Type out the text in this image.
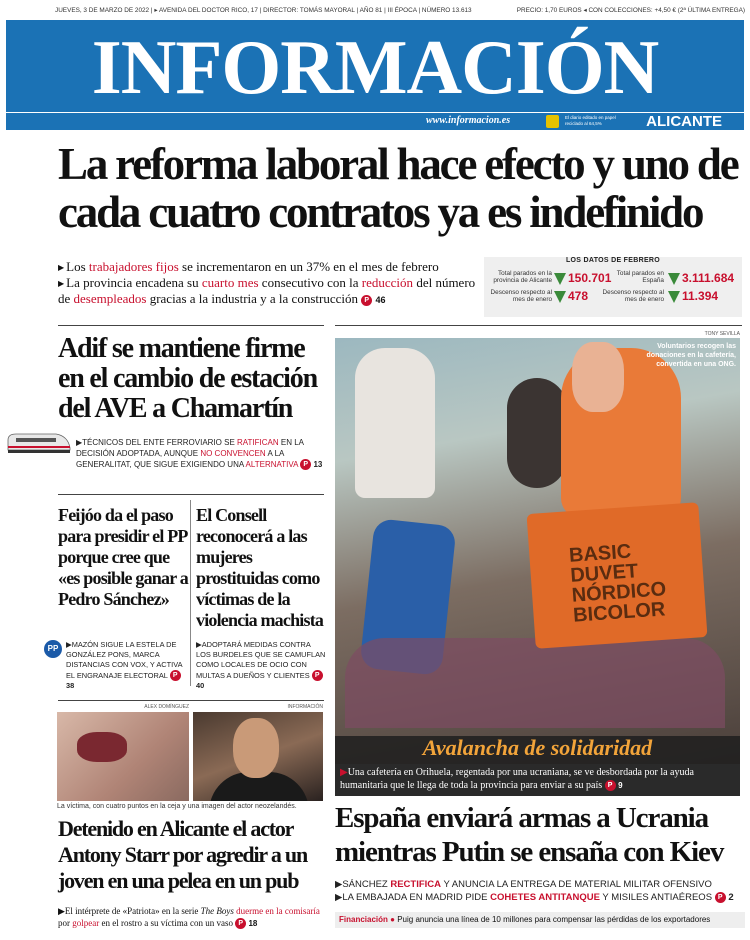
JUEVES, 3 DE MARZO DE 2022 | ▸ AVENIDA DEL DOCTOR RICO, 17 | DIRECTOR: TOMÁS MAYORAL | AÑO 81 | III ÉPOCA | NÚMERO 13.613	PRECIO: 1,70 EUROS ◂ CON COLECCIONES: +4,50 € (2ª ÚLTIMA ENTREGA)
INFORMACIÓN
www.informacion.es	El diario editado en papel reciclado al 64,5%	ALICANTE
La reforma laboral hace efecto y uno de cada cuatro contratos ya es indefinido
▶ Los trabajadores fijos se incrementaron en un 37% en el mes de febrero
▶ La provincia encadena su cuarto mes consecutivo con la reducción del número de desempleados gracias a la industria y a la construcción P 46
LOS DATOS DE FEBRERO
Total parados en la provincia de Alicante 150.701
Descenso respecto al mes de enero 478
Total parados en España 3.111.684
Descenso respecto al mes de enero 11.394
Adif se mantiene firme en el cambio de estación del AVE a Chamartín
▶TÉCNICOS DEL ENTE FERROVIARIO SE RATIFICAN EN LA DECISIÓN ADOPTADA, AUNQUE NO CONVENCEN A LA GENERALITAT, QUE SIGUE EXIGIENDO UNA ALTERNATIVA P 13
Feijóo da el paso para presidir el PP porque cree que «es posible ganar a Pedro Sánchez»
PP	▶MAZÓN SIGUE LA ESTELA DE GONZÁLEZ PONS, MARCA DISTANCIAS CON VOX, Y ACTIVA EL ENGRANAJE ELECTORAL P 38
El Consell reconocerá a las mujeres prostituidas como víctimas de la violencia machista
▶ADOPTARÁ MEDIDAS CONTRA LOS BURDELES QUE SE CAMUFLAN COMO LOCALES DE OCIO CON MULTAS A DUEÑOS Y CLIENTES P 40
TONY SEVILLA
BASIC DUVET NÓRDICO BICOLOR
Voluntarios recogen las donaciones en la cafetería, convertida en una ONG.
Avalancha de solidaridad
▶Una cafetería en Orihuela, regentada por una ucraniana, se ve desbordada por la ayuda humanitaria que le llega de toda la provincia para enviar a su país P 9
ALEX DOMÍNGUEZ	INFORMACIÓN
La víctima, con cuatro puntos en la ceja y una imagen del actor neozelandés.
Detenido en Alicante el actor Antony Starr por agredir a un joven en una pelea en un pub
▶El intérprete de «Patriota» en la serie The Boys duerme en la comisaría por golpear en el rostro a su víctima con un vaso P 18
España enviará armas a Ucrania mientras Putin se ensaña con Kiev
▶SÁNCHEZ RECTIFICA Y ANUNCIA LA ENTREGA DE MATERIAL MILITAR OFENSIVO
▶LA EMBAJADA EN MADRID PIDE COHETES ANTITANQUE Y MISILES ANTIAÉREOS P 2
Financiación ● Puig anuncia una línea de 10 millones para compensar las pérdidas de los exportadores
